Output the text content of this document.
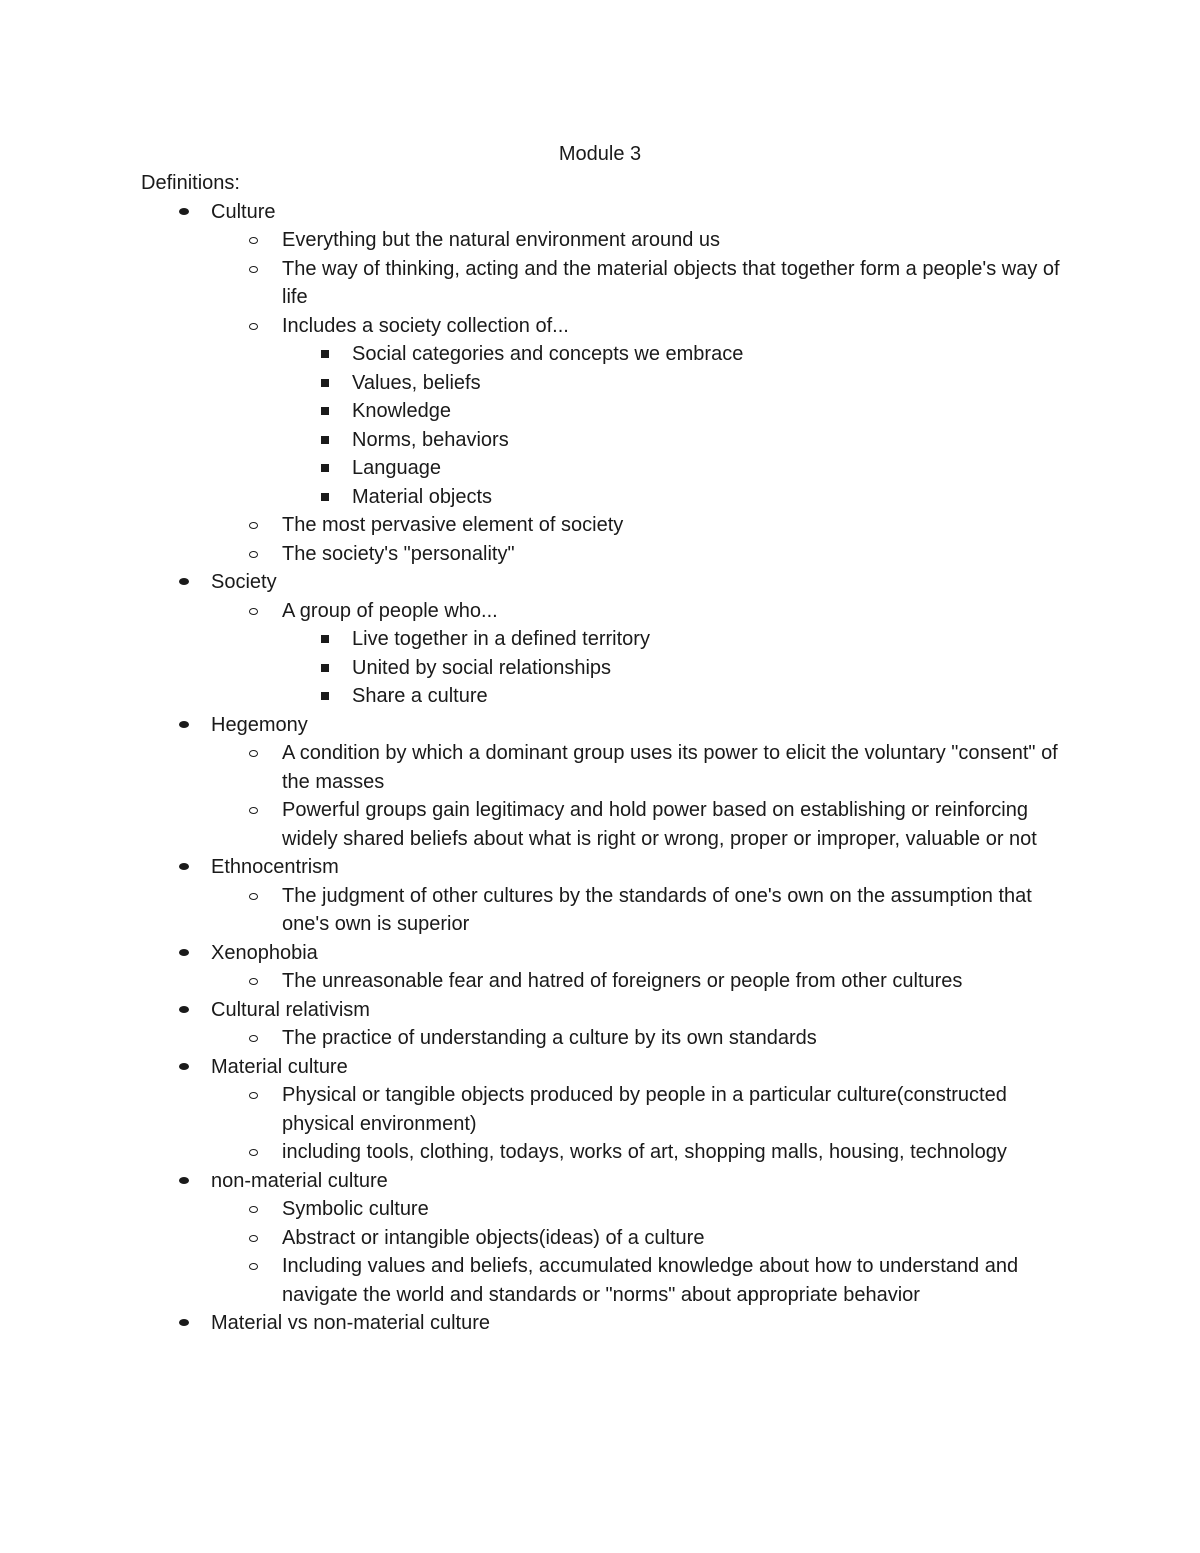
Module 3
Definitions:
Culture
Everything but the natural environment around us
The way of thinking, acting and the material objects that together form a people's way of life
Includes a society collection of...
Social categories and concepts we embrace
Values, beliefs
Knowledge
Norms, behaviors
Language
Material objects
The most pervasive element of society
The society's "personality"
Society
A group of people who...
Live together in a defined territory
United by social relationships
Share a culture
Hegemony
A condition by which a dominant group uses its power to elicit the voluntary "consent" of the masses
Powerful groups gain legitimacy and hold power based on establishing or reinforcing widely shared beliefs about what is right or wrong, proper or improper, valuable or not
Ethnocentrism
The judgment of other cultures by the standards of one's own on the assumption that one's own is superior
Xenophobia
The unreasonable fear and hatred of foreigners or people from other cultures
Cultural relativism
The practice of understanding a culture by its own standards
Material culture
Physical or tangible objects produced by people in a particular culture(constructed physical environment)
including tools, clothing, todays, works of art, shopping malls, housing, technology
non-material culture
Symbolic culture
Abstract or intangible objects(ideas) of a culture
Including values and beliefs, accumulated knowledge about how to understand and navigate the world and standards or "norms" about appropriate behavior
Material vs non-material culture
